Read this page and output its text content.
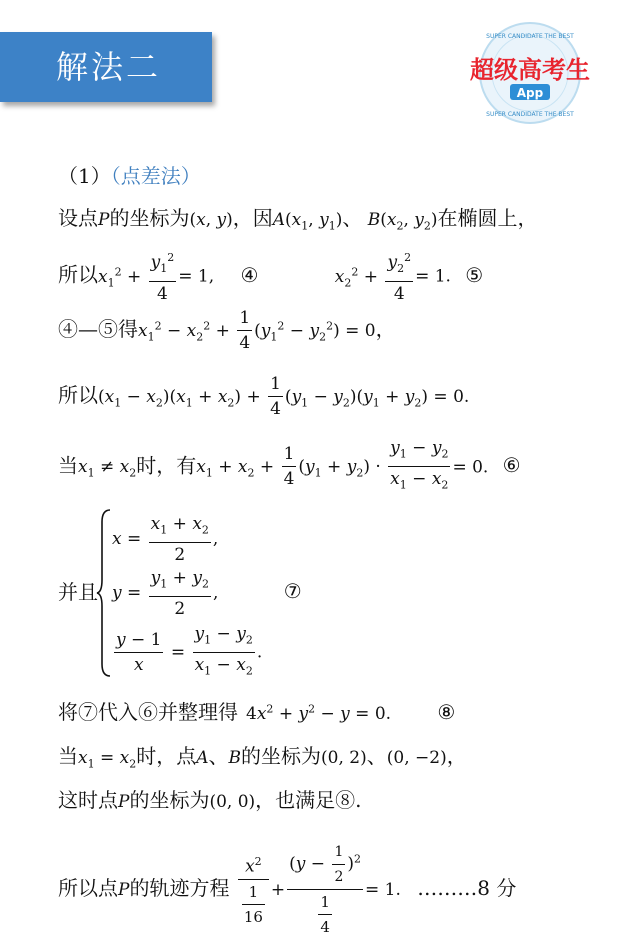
解法二
SUPER CANDIDATE THE BEST
SUPER CANDIDATE THE BEST
超级高考生
App
（1）（点差法）
设点P的坐标为(x, y)，因$A(x_1$, $y_1$)、 $B(x_2$, $y_2$)在椭圆上，
所以$x_1^2 + \frac{y_1^2}{4} = 1$, ④	$x_2^2 + \frac{y_2^2}{4} = 1$. ⑤
④—⑤得$x_1^2 - x_2^2 + \frac{1}{4} (y_1^2 - y_2^2) = 0$，
所以$(x_1 - x_2)(x_1 + x_2) + \frac{1}{4} (y_1 - y_2)(y_1 + y_2) = 0$.
当$x_1 \ne x_2$时，有$x_1 + x_2 + \frac{1}{4} (y_1 + y_2) \cdot \frac{y_1 - y_2}{x_1 - x_2} = 0$. ⑥
并且
$x = \frac{x_1 + x_2}{2}$ ,
$y = \frac{y_1 + y_2}{2}$ ,	⑦
$\frac{y - 1}{x} = \frac{y_1 - y_2}{x_1 - x_2}$ .
将⑦代入⑥并整理得 $4x^2 + y^2 - y = 0$. ⑧
当$x_1 = x_2$时，点A、B的坐标为(0, 2)、(0, −2)，
这时点P的坐标为(0, 0)，也满足⑧.
所以点P的轨迹方程 $\frac{x^2}{\frac{1}{16}} + \frac{(y - \frac{1}{2} )^2}{\frac{1}{4}} = 1$. ………8 分
